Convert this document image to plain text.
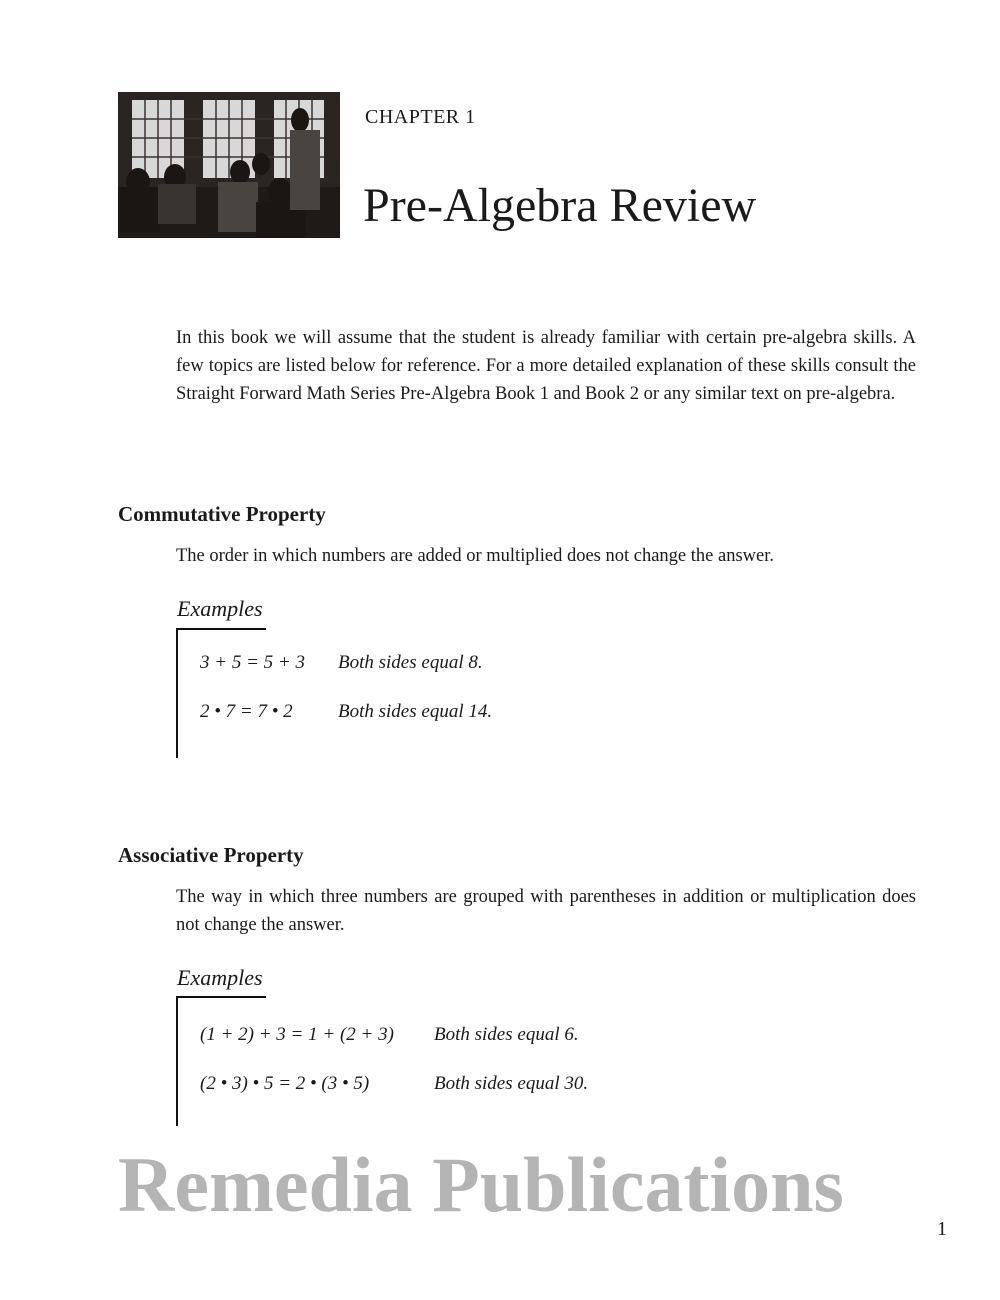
CHAPTER 1
Pre-Algebra Review
In this book we will assume that the student is already familiar with certain pre-algebra skills. A few topics are listed below for reference. For a more detailed explanation of these skills consult the Straight Forward Math Series Pre-Algebra Book 1 and Book 2 or any similar text on pre-algebra.
Commutative Property
The order in which numbers are added or multiplied does not change the answer.
Examples
3 + 5 = 5 + 3 Both sides equal 8.
2 • 7 = 7 • 2 Both sides equal 14.
Associative Property
The way in which three numbers are grouped with parentheses in addition or multiplication does not change the answer.
Examples
(1 + 2) + 3 = 1 + (2 + 3) Both sides equal 6.
(2 • 3) • 5 = 2 • (3 • 5)	Both sides equal 30.
Remedia Publications
1
